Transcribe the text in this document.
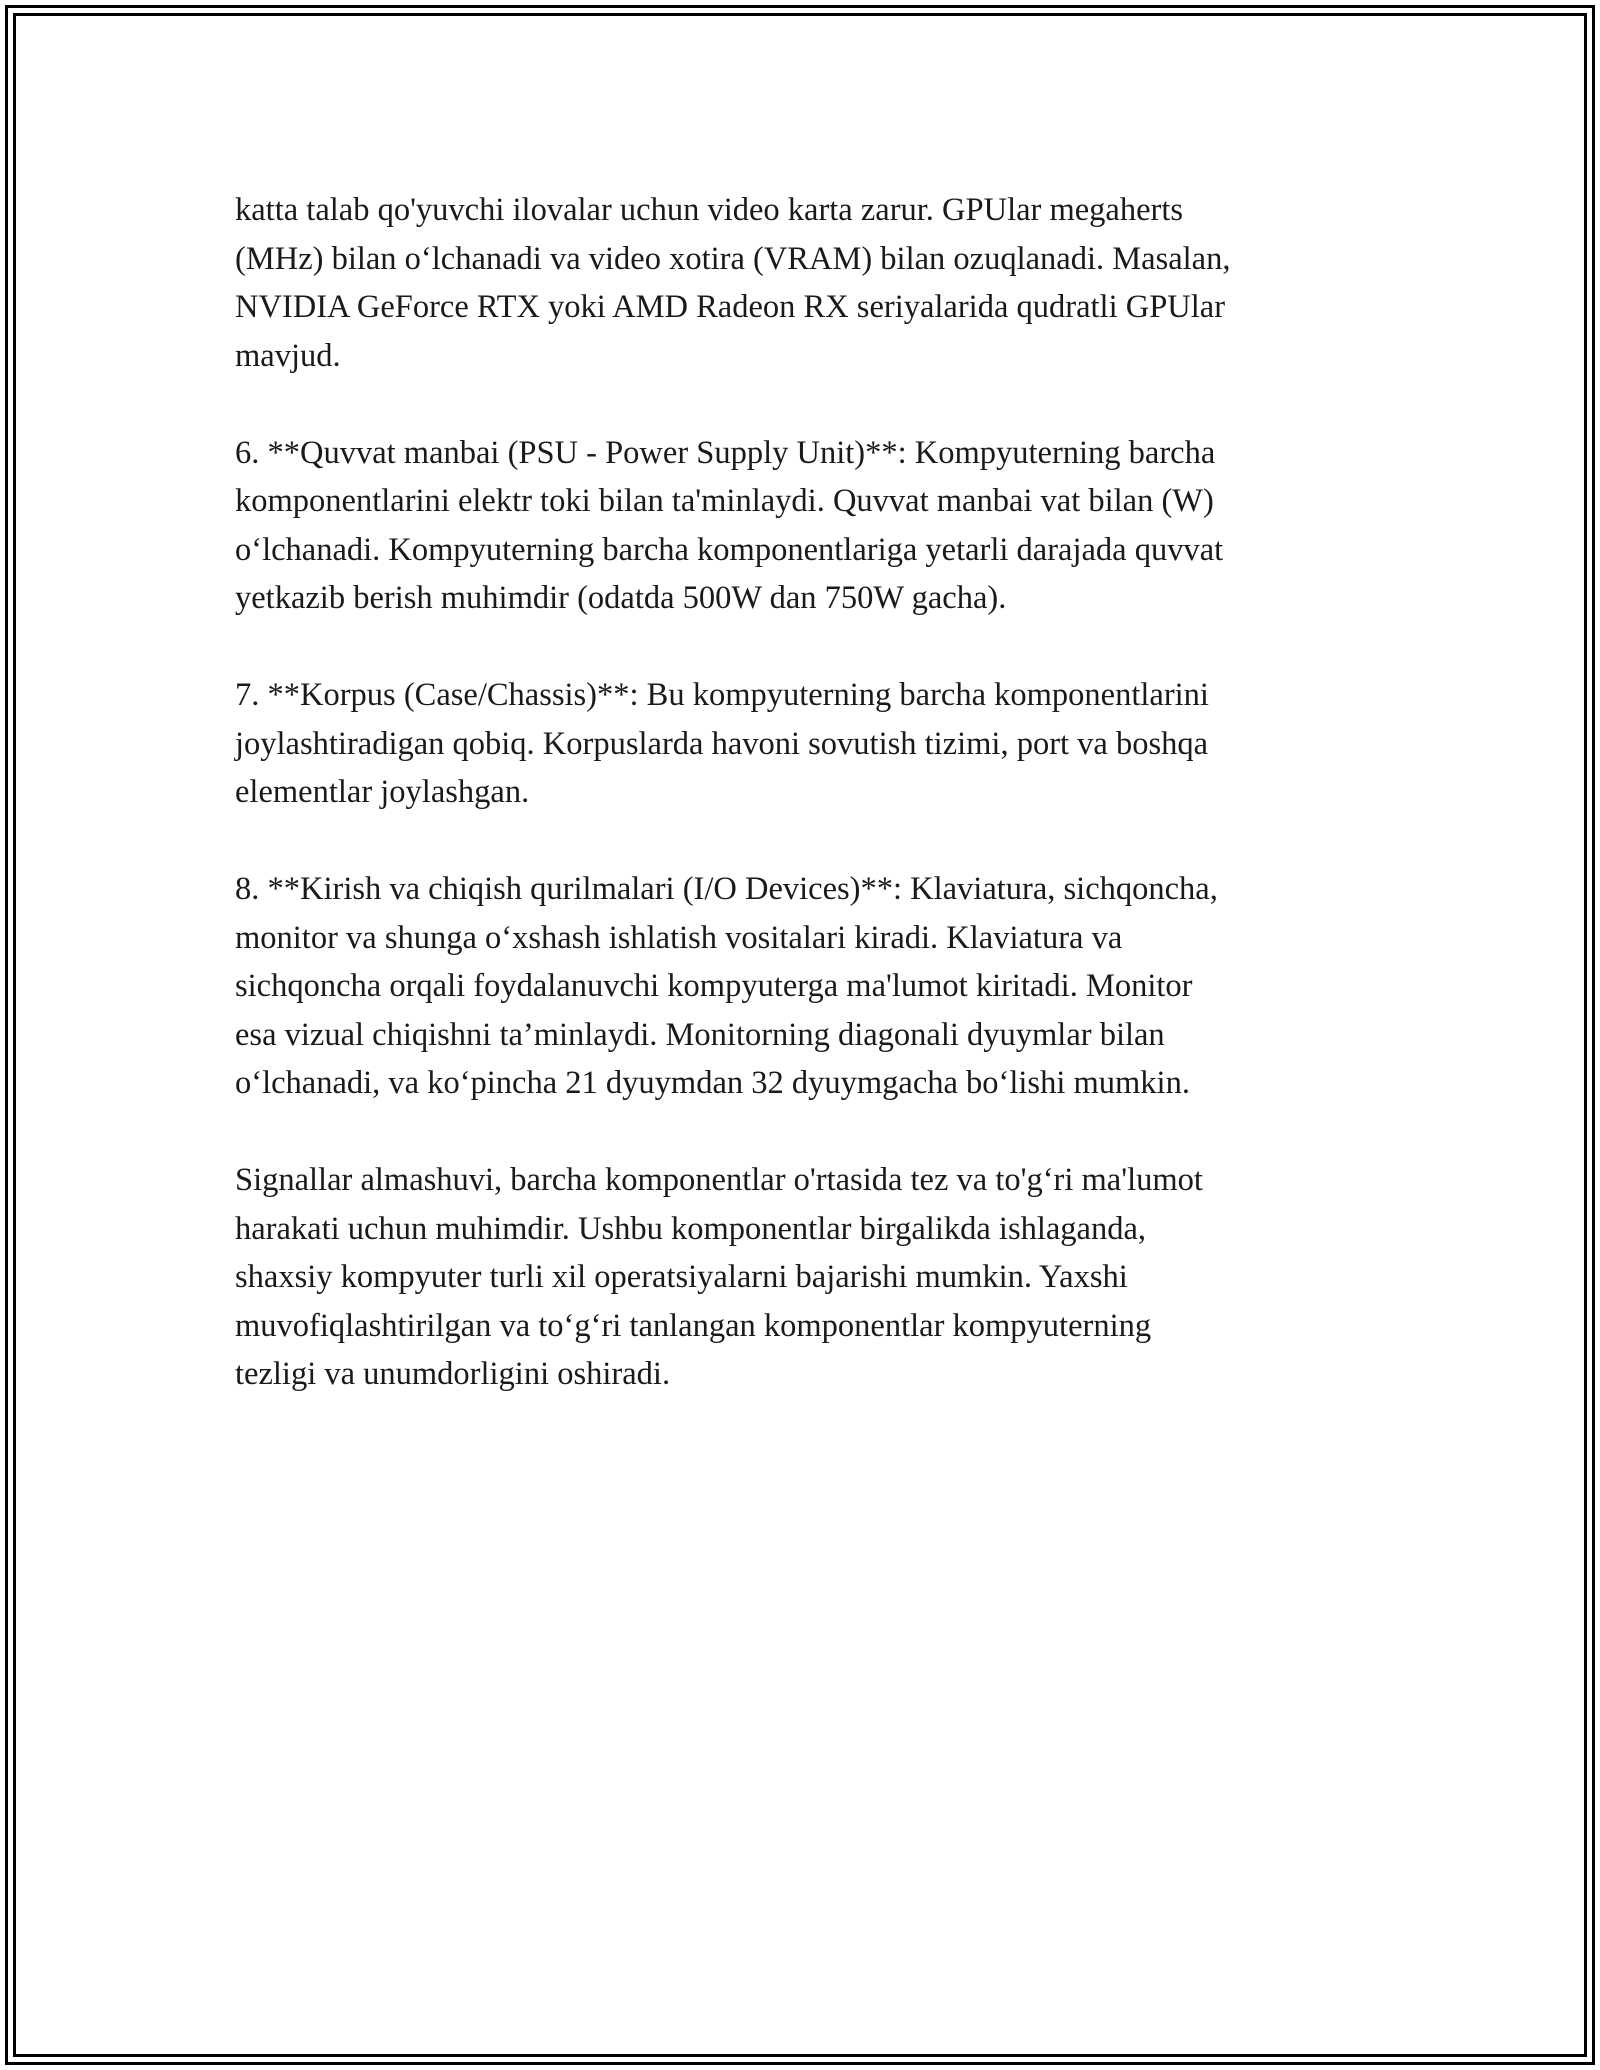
katta talab qo'yuvchi ilovalar uchun video karta zarur. GPUlar megaherts
(MHz) bilan o‘lchanadi va video xotira (VRAM) bilan ozuqlanadi. Masalan,
NVIDIA GeForce RTX yoki AMD Radeon RX seriyalarida qudratli GPUlar
mavjud.

6. **Quvvat manbai (PSU - Power Supply Unit)**: Kompyuterning barcha
komponentlarini elektr toki bilan ta'minlaydi. Quvvat manbai vat bilan (W)
o‘lchanadi. Kompyuterning barcha komponentlariga yetarli darajada quvvat
yetkazib berish muhimdir (odatda 500W dan 750W gacha).

7. **Korpus (Case/Chassis)**: Bu kompyuterning barcha komponentlarini
joylashtiradigan qobiq. Korpuslarda havoni sovutish tizimi, port va boshqa
elementlar joylashgan.

8. **Kirish va chiqish qurilmalari (I/O Devices)**: Klaviatura, sichqoncha,
monitor va shunga o‘xshash ishlatish vositalari kiradi. Klaviatura va
sichqoncha orqali foydalanuvchi kompyuterga ma'lumot kiritadi. Monitor
esa vizual chiqishni ta’minlaydi. Monitorning diagonali dyuymlar bilan
o‘lchanadi, va ko‘pincha 21 dyuymdan 32 dyuymgacha bo‘lishi mumkin.

Signallar almashuvi, barcha komponentlar o'rtasida tez va to'g‘ri ma'lumot
harakati uchun muhimdir. Ushbu komponentlar birgalikda ishlaganda,
shaxsiy kompyuter turli xil operatsiyalarni bajarishi mumkin. Yaxshi
muvofiqlashtirilgan va to‘g‘ri tanlangan komponentlar kompyuterning
tezligi va unumdorligini oshiradi.
